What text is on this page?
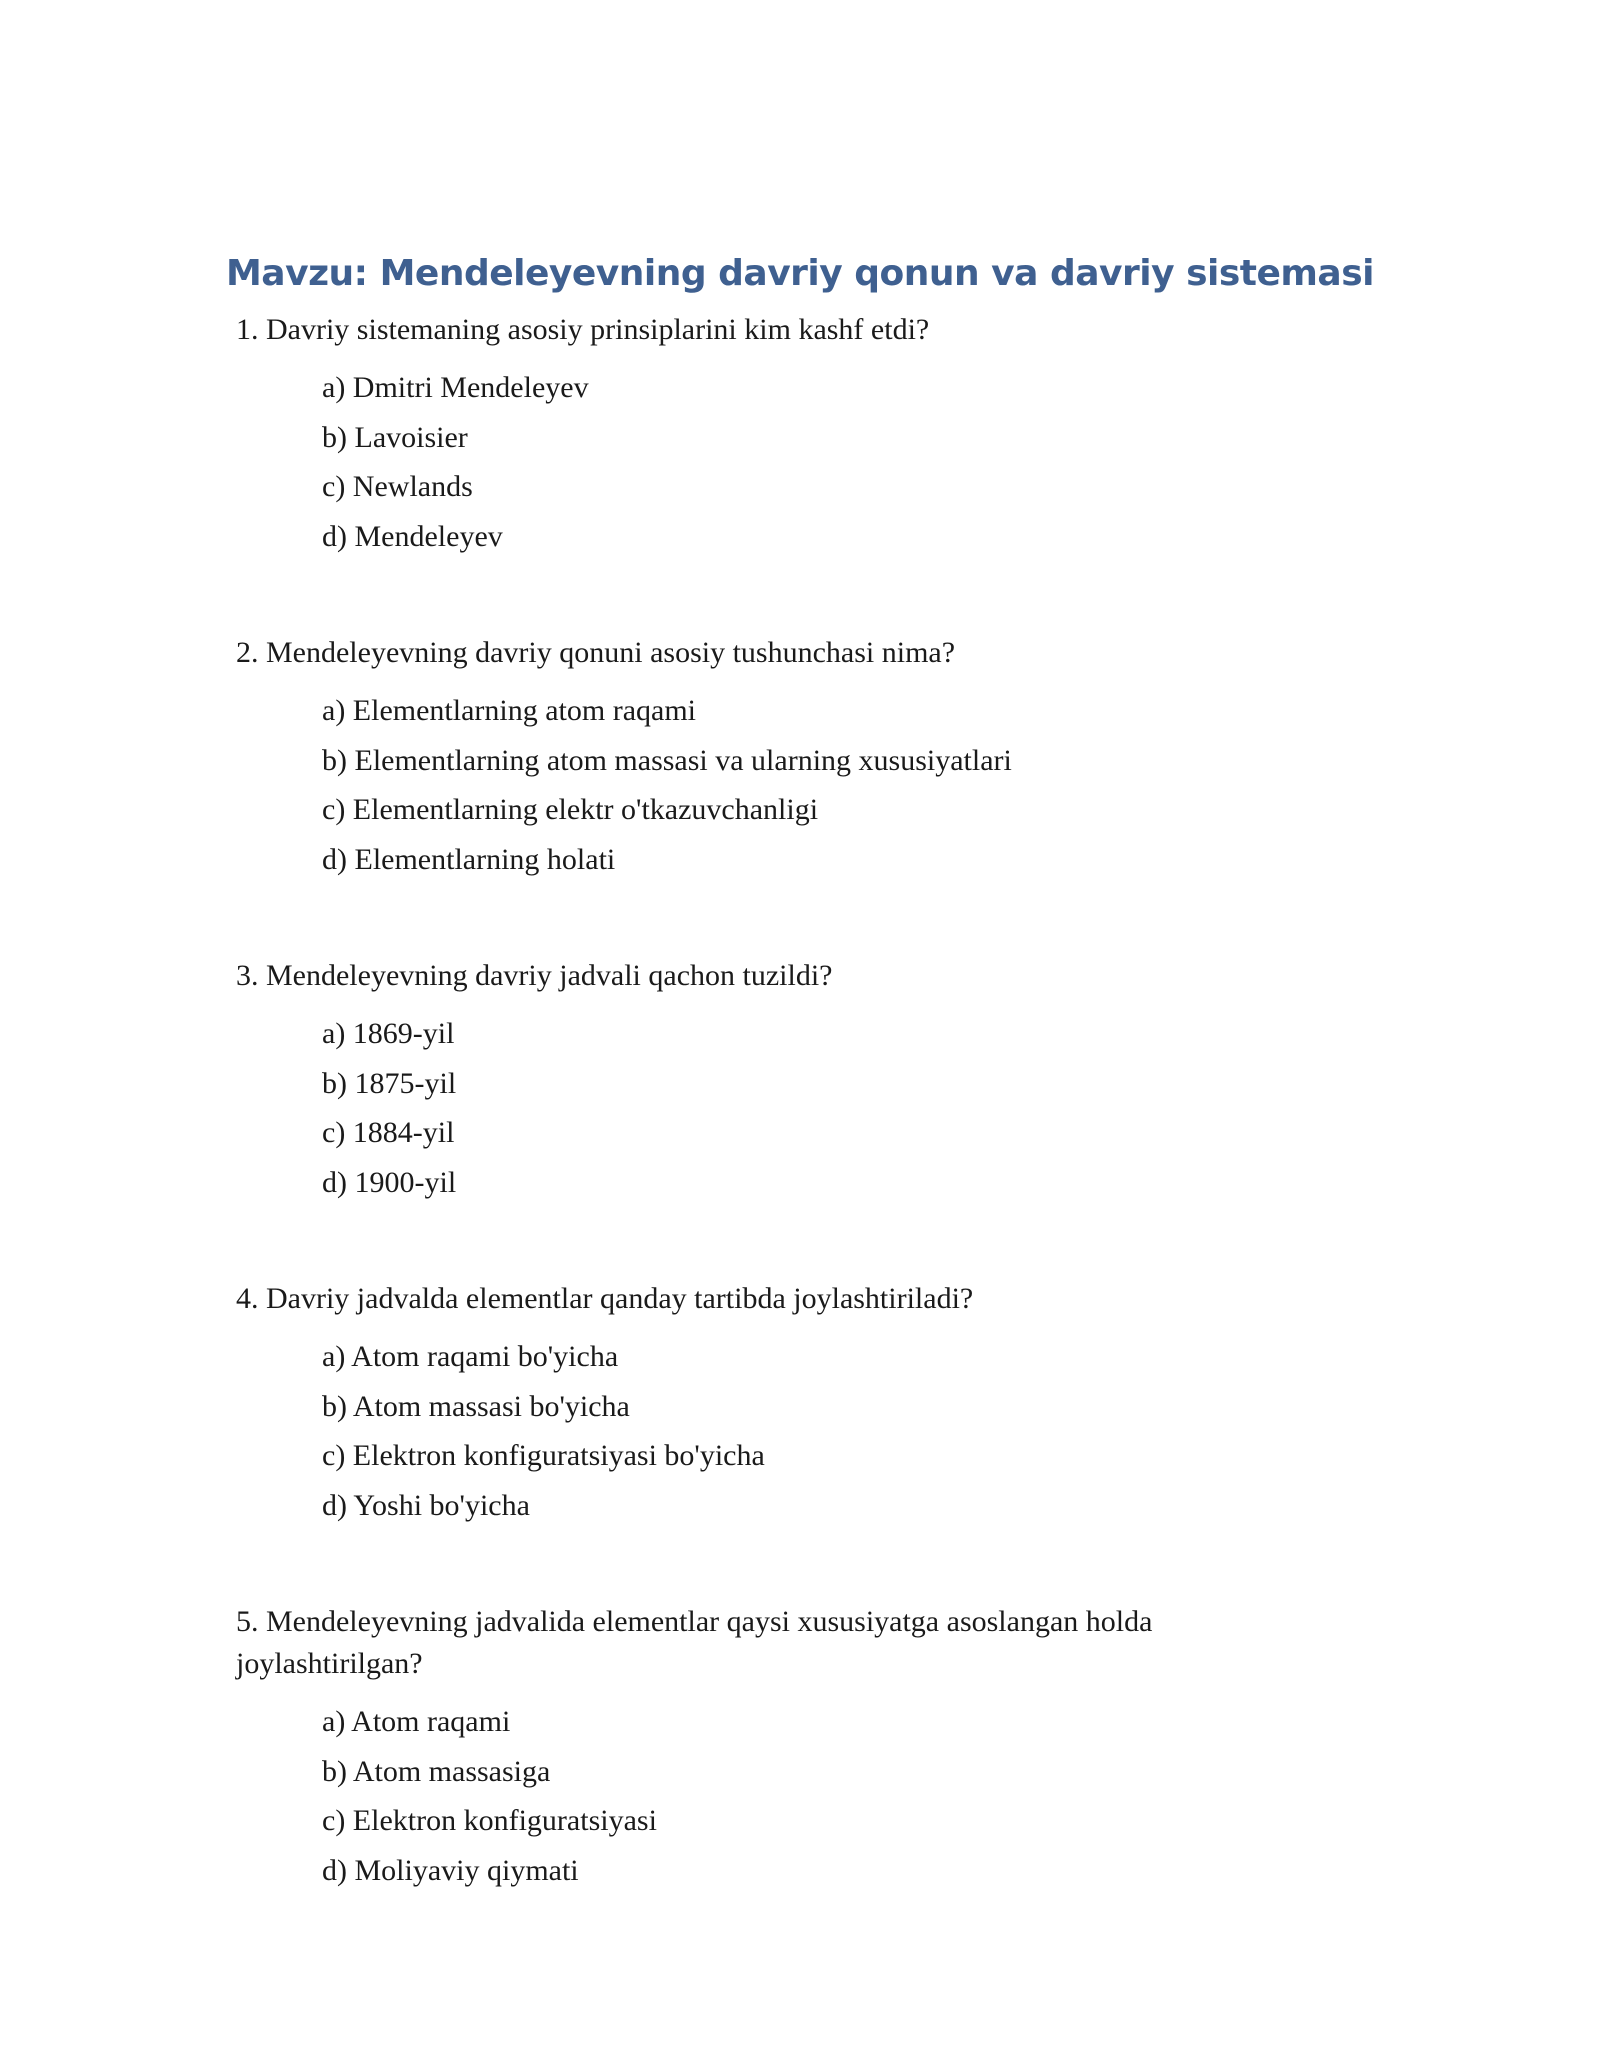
Mavzu: Mendeleyevning davriy qonun va davriy sistemasi
1. Davriy sistemaning asosiy prinsiplarini kim kashf etdi?
a) Dmitri Mendeleyev
b) Lavoisier
c) Newlands
d) Mendeleyev
2. Mendeleyevning davriy qonuni asosiy tushunchasi nima?
a) Elementlarning atom raqami
b) Elementlarning atom massasi va ularning xususiyatlari
c) Elementlarning elektr o'tkazuvchanligi
d) Elementlarning holati
3. Mendeleyevning davriy jadvali qachon tuzildi?
a) 1869-yil
b) 1875-yil
c) 1884-yil
d) 1900-yil
4. Davriy jadvalda elementlar qanday tartibda joylashtiriladi?
a) Atom raqami bo'yicha
b) Atom massasi bo'yicha
c) Elektron konfiguratsiyasi bo'yicha
d) Yoshi bo'yicha
5. Mendeleyevning jadvalida elementlar qaysi xususiyatga asoslangan holda joylashtirilgan?
a) Atom raqami
b) Atom massasiga
c) Elektron konfiguratsiyasi
d) Moliyaviy qiymati
